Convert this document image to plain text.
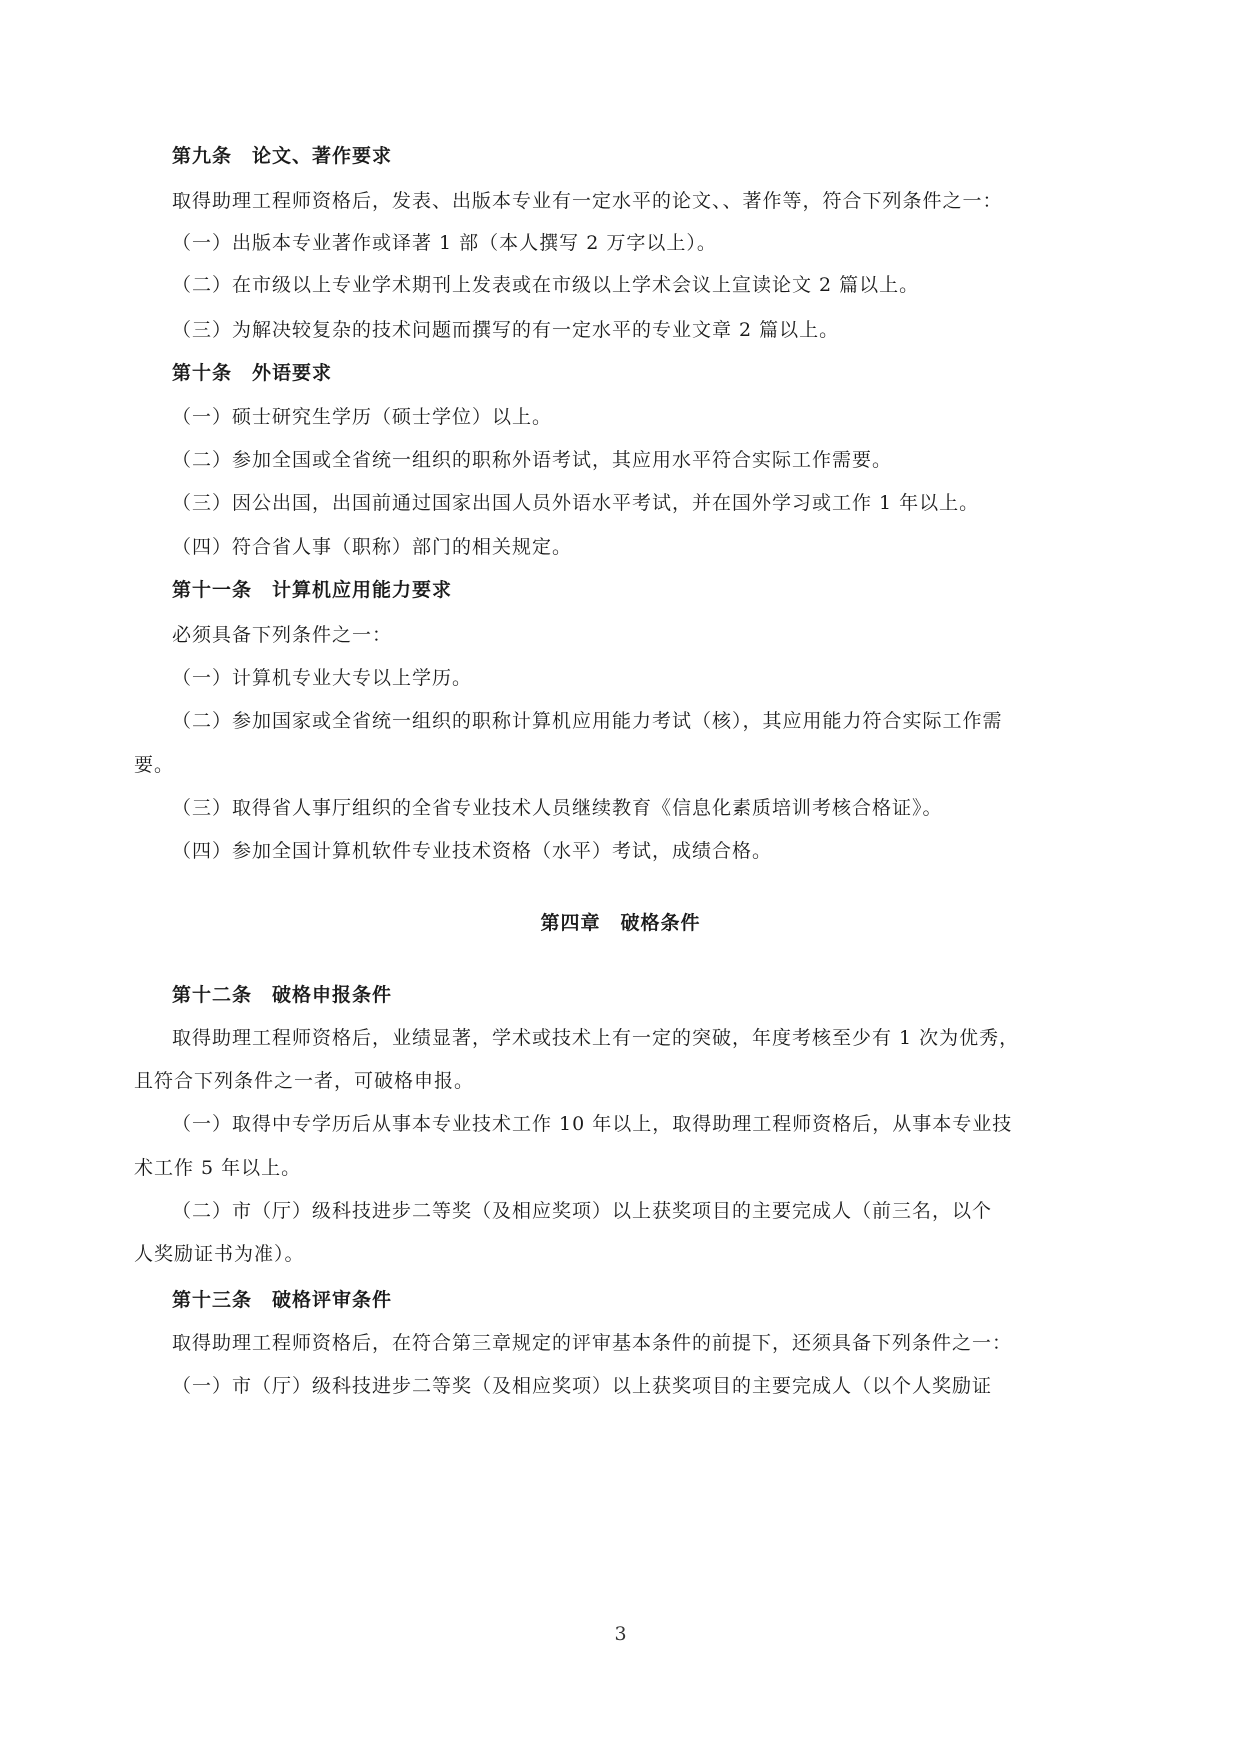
第九条　论文、著作要求
取得助理工程师资格后，发表、出版本专业有一定水平的论文、、著作等，符合下列条件之一：
（一）出版本专业著作或译著 1 部（本人撰写 2 万字以上）。
（二）在市级以上专业学术期刊上发表或在市级以上学术会议上宣读论文 2 篇以上。
（三）为解决较复杂的技术问题而撰写的有一定水平的专业文章 2 篇以上。
第十条　外语要求
（一）硕士研究生学历（硕士学位）以上。
（二）参加全国或全省统一组织的职称外语考试，其应用水平符合实际工作需要。
（三）因公出国，出国前通过国家出国人员外语水平考试，并在国外学习或工作 1 年以上。
（四）符合省人事（职称）部门的相关规定。
第十一条　计算机应用能力要求
必须具备下列条件之一：
（一）计算机专业大专以上学历。
（二）参加国家或全省统一组织的职称计算机应用能力考试（核），其应用能力符合实际工作需
要。
（三）取得省人事厅组织的全省专业技术人员继续教育《信息化素质培训考核合格证》。
（四）参加全国计算机软件专业技术资格（水平）考试，成绩合格。
第四章　破格条件
第十二条　破格申报条件
取得助理工程师资格后，业绩显著，学术或技术上有一定的突破，年度考核至少有 1 次为优秀，
且符合下列条件之一者，可破格申报。
（一）取得中专学历后从事本专业技术工作 10 年以上，取得助理工程师资格后，从事本专业技
术工作 5 年以上。
（二）市（厅）级科技进步二等奖（及相应奖项）以上获奖项目的主要完成人（前三名，以个
人奖励证书为准）。
第十三条　破格评审条件
取得助理工程师资格后，在符合第三章规定的评审基本条件的前提下，还须具备下列条件之一：
（一）市（厅）级科技进步二等奖（及相应奖项）以上获奖项目的主要完成人（以个人奖励证
3
